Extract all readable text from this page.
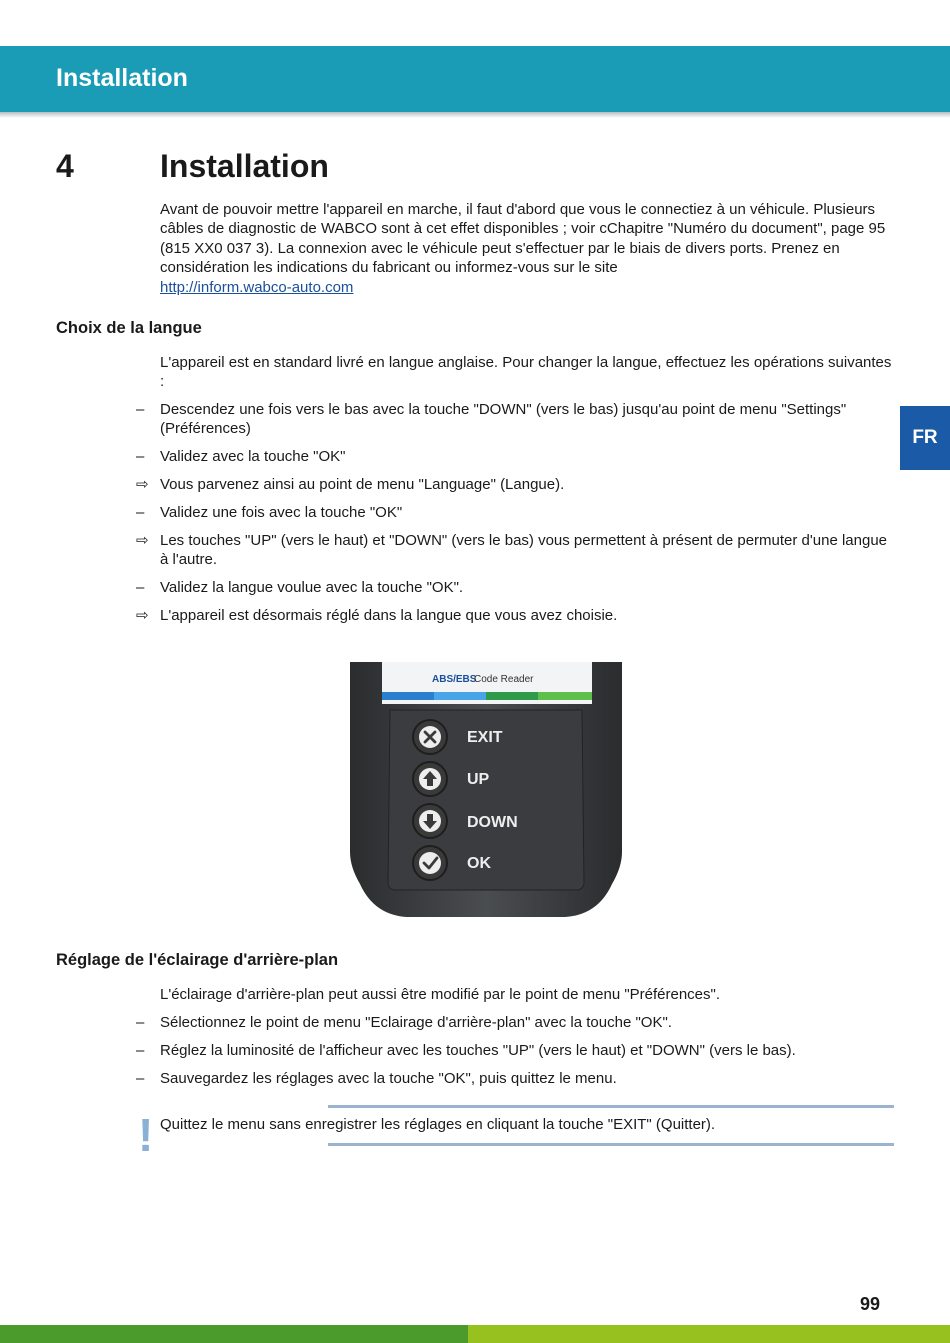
Installation
4	Installation
Avant de pouvoir mettre l'appareil en marche, il faut d'abord que vous le connectiez à un véhicule. Plusieurs câbles de diagnostic de WABCO sont à cet effet disponibles ; voir cChapitre "Numéro du document", page 95 (815 XX0 037 3). La connexion avec le véhicule peut s'effectuer par le biais de divers ports. Prenez en considération les indications du fabricant ou informez-vous sur le site
http://inform.wabco-auto.com
Choix de la langue
L'appareil est en standard livré en langue anglaise. Pour changer la langue, effectuez les opérations suivantes :
–	Descendez une fois vers le bas avec la touche "DOWN" (vers le bas) jusqu'au point de menu "Settings" (Préférences)
–	Validez avec la touche "OK"
⇨ Vous parvenez ainsi au point de menu "Language" (Langue).
–	Validez une fois avec la touche "OK"
⇨ Les touches "UP" (vers le haut) et "DOWN" (vers le bas) vous permettent à présent de permuter d'une langue à l'autre.
–	Validez la langue voulue avec la touche "OK".
⇨ L'appareil est désormais réglé dans la langue que vous avez choisie.
ABS/EBS
Code Reader
EXIT
UP
DOWN
OK
Réglage de l'éclairage d'arrière-plan
L'éclairage d'arrière-plan peut aussi être modifié par le point de menu "Préférences".
–	Sélectionnez le point de menu "Eclairage d'arrière-plan" avec la touche "OK".
–	Réglez la luminosité de l'afficheur avec les touches "UP" (vers le haut) et "DOWN" (vers le bas).
–	Sauvegardez les réglages avec la touche "OK", puis quittez le menu.
! Quittez le menu sans enregistrer les réglages en cliquant la touche "EXIT" (Quitter).
FR
99
